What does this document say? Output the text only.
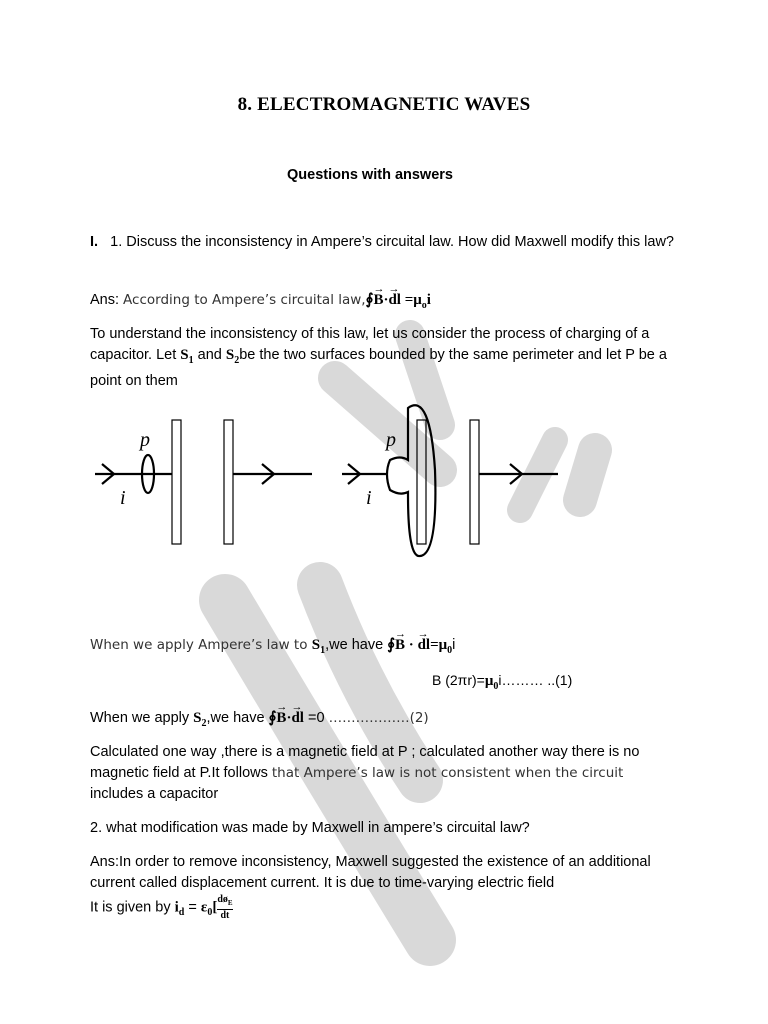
8. ELECTROMAGNETIC WAVES
Questions with answers
I. 1. Discuss the inconsistency in Ampere’s circuital law. How did Maxwell modify this law?
Ans: According to Ampere’s circuital law,∮→ B·→ dl $=\mu_oi$
To understand the inconsistency of this law, let us consider the process of charging of a capacitor. Let $S_1$ and $S_2be$ the two surfaces bounded by the same perimeter and let P be a point on them
p
i
p
i
When we apply Ampere’s law to $S_1,we$ have ∮→ B · → $dl=\mu_0i$
B $(2\pi r)=\mu_0i\dots\dots\dots$ ..(1)
When we apply $S_2,we$ have ∮→ B·→ dl =0 ………………(2)
Calculated one way ,there is a magnetic field at P ; calculated another way there is no magnetic field at P.It follows that Ampere’s law is not consistent when the circuit
includes a capacitor
2. what modification was made by Maxwell in ampere’s circuital law?
Ans:In order to remove inconsistency, Maxwell suggested the existence of an additional current called displacement current. It is due to time-varying electric field
It is given by $i_d = \varepsilon_0[ \frac{dø_E}{dt}$
